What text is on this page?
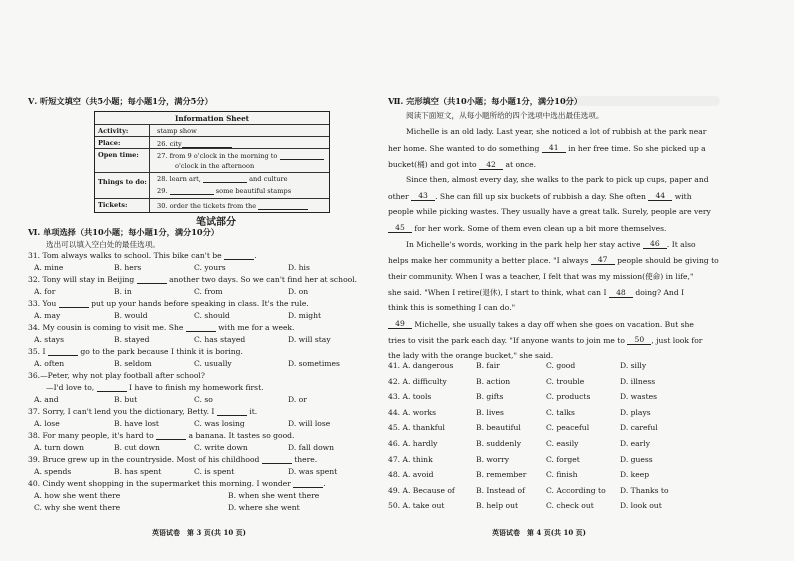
Ⅴ. 听短文填空（共5小题；每小题1分，满分5分）
Information Sheet
Activity:	stamp show
Place:	26. city
Open time:	27. from 9 o'clock in the morning to
o'clock in the afternoon
Things to do: 28. learn art,	and culture
29.	some beautiful stamps
Tickets:	30. order the tickets from the
笔试部分
Ⅵ. 单项选择（共10小题；每小题1分，满分10分）
选出可以填入空白处的最佳选项。
31. Tom always walks to school. This bike can't be	.
A. mine	B. hers	C. yours	D. his
32. Tony will stay in Beijing	another two days. So we can't find her at school.
A. for	B. in	C. from	D. on
33. You	put up your hands before speaking in class. It's the rule.
A. may	B. would	C. should	D. might
34. My cousin is coming to visit me. She	with me for a week.
A. stays	B. stayed	C. has stayed	D. will stay
35. I	go to the park because I think it is boring.
A. often	B. seldom	C. usually	D. sometimes
36.—Peter, why not play football after school?
—I'd love to,	I have to finish my homework first.
A. and	B. but	C. so	D. or
37. Sorry, I can't lend you the dictionary, Betty. I	it.
A. lose	B. have lost	C. was losing	D. will lose
38. For many people, it's hard to	a banana. It tastes so good.
A. turn down	B. cut down	C. write down	D. fall down
39. Bruce grew up in the countryside. Most of his childhood	there.
A. spends	B. has spent	C. is spent	D. was spent
40. Cindy went shopping in the supermarket this morning. I wonder	.
A. how she went there	B. when she went there
C. why she went there	D. where she went
英语试卷　第 3 页(共 10 页)
Ⅶ. 完形填空（共10小题；每小题1分，满分10分）
阅读下面短文，从每小题所给的四个选项中选出最佳选项。
Michelle is an old lady. Last year, she noticed a lot of rubbish at the park near
her home. She wanted to do something 41 in her free time. So she picked up a
bucket(桶) and got into 42 at once.
Since then, almost every day, she walks to the park to pick up cups, paper and
other 43 . She can fill up six buckets of rubbish a day. She often 44 with
people while picking wastes. They usually have a great talk. Surely, people are very
45 for her work. Some of them even clean up a bit more themselves.
In Michelle's words, working in the park help her stay active 46 . It also
helps make her community a better place. "I always 47 people should be giving to
their community. When I was a teacher, I felt that was my mission(使命) in life,"
she said. "When I retire(退休), I start to think, what can I 48 doing? And I
think this is something I can do."
49 Michelle, she usually takes a day off when she goes on vacation. But she
tries to visit the park each day. "If anyone wants to join me to 50 , just look for
the lady with the orange bucket," she said.
41. A. dangerous	B. fair	C. good	D. silly
42. A. difficulty	B. action	C. trouble	D. illness
43. A. tools	B. gifts	C. products	D. wastes
44. A. works	B. lives	C. talks	D. plays
45. A. thankful	B. beautiful	C. peaceful	D. careful
46. A. hardly	B. suddenly	C. easily	D. early
47. A. think	B. worry	C. forget	D. guess
48. A. avoid	B. remember	C. finish	D. keep
49. A. Because of	B. Instead of	C. According to D. Thanks to
50. A. take out	B. help out	C. check out	D. look out
英语试卷　第 4 页(共 10 页)
